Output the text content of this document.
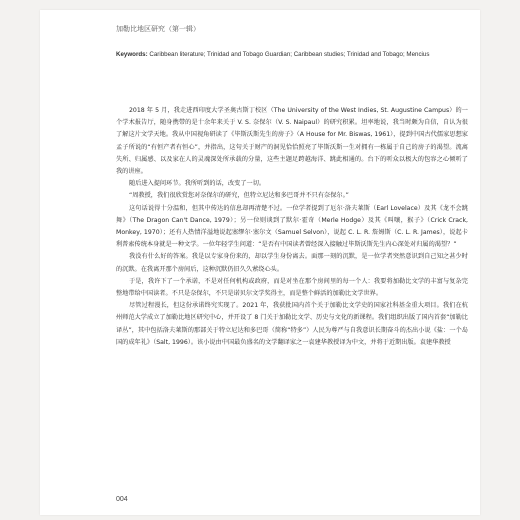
加勒比地区研究（第一辑）
Keywords: Caribbean literature; Trinidad and Tobago Guardian; Caribbean studies; Trinidad and Tobago; Mencius

2018 年 5 月，我走进西印度大学圣奥古斯丁校区（The University of the West Indies, St. Augustine Campus）的一个学术报告厅，随身携带的是十余年来关于 V. S. 奈保尔（V. S. Naipaul）的研究积累。坦率地说，我当时颇为自信，自认为很了解这片文学天地。我从中国视角研读了《毕斯沃斯先生的房子》（A House for Mr. Biswas, 1961），提到中国古代儒家思想家孟子所说的“有恒产者有恒心”，并指出，这句关于财产的洞见恰恰照亮了毕斯沃斯一生对拥有一栋属于自己的房子的渴望。流离失所、归属感、以及家在人的灵魂深处所承载的分量，这些主题足跨越海洋、跳此相通的。台下的听众以极大的包容之心倾听了我的讲座。

随后进入提问环节。我所听到的话，改变了一切。

“周教授，我们很欣赏您对奈保尔的研究，但特立尼达和多巴哥并不只有奈保尔。”

这句话说得十分温和，但其中传达的信息却再清楚不过。一位学者提到了厄尔·洛夫莱斯（Earl Lovelace）及其《龙不会跳舞》（The Dragon Can't Dance, 1979）；另一位则谈到了默尔·霍奇（Merle Hodge）及其《叫嚷，猴子》（Crick Crack, Monkey, 1970）；还有人热情洋溢地说起塞缪尔·塞尔文（Samuel Selvon），说起 C. L. R. 詹姆斯（C. L. R. James），说起卡利普索传统本身就是一种文学。一位年轻学生问道：“是否有中国读者曾经深入接触过毕斯沃斯先生内心深处对归属的渴望？”

我没有什么好的答案。我是以专家身份来的，却以学生身份离去。面那一刻的沉默，是一位学者突然意识到自己知之甚少时的沉默。在我离开那个房间后，这种沉默仍旧久久萦绕心头。

于是，我许下了一个承诺，不是对任何机构或政府，而是对坐在那个房间里的每一个人：我要将加勒比文学的丰富与复杂完整地带给中国读者。不只是奈保尔，不只是诺贝尔文学奖得主，而是整个鲜活的加勒比文学世界。

尽管过程漫长，但这份承诺终究实现了。2021 年，我获批国内首个关于加勒比文学史的国家社科基金重大项目。我们在杭州师范大学成立了加勒比地区研究中心，并开设了 8 门关于加勒比文学、历史与文化的新课程。我们组织出版了国内首套“加勒比译丛”，其中包括洛夫莱斯的那部关于特立尼达和多巴哥（简称“特多”）人民为尊严与自我意识长期奋斗的杰出小说《盐：一个岛国的成年礼》（Salt, 1996）。该小说由中国最负盛名的文学翻译家之一袁建华教授译为中文，并将于近期出版。袁建华教授

004
